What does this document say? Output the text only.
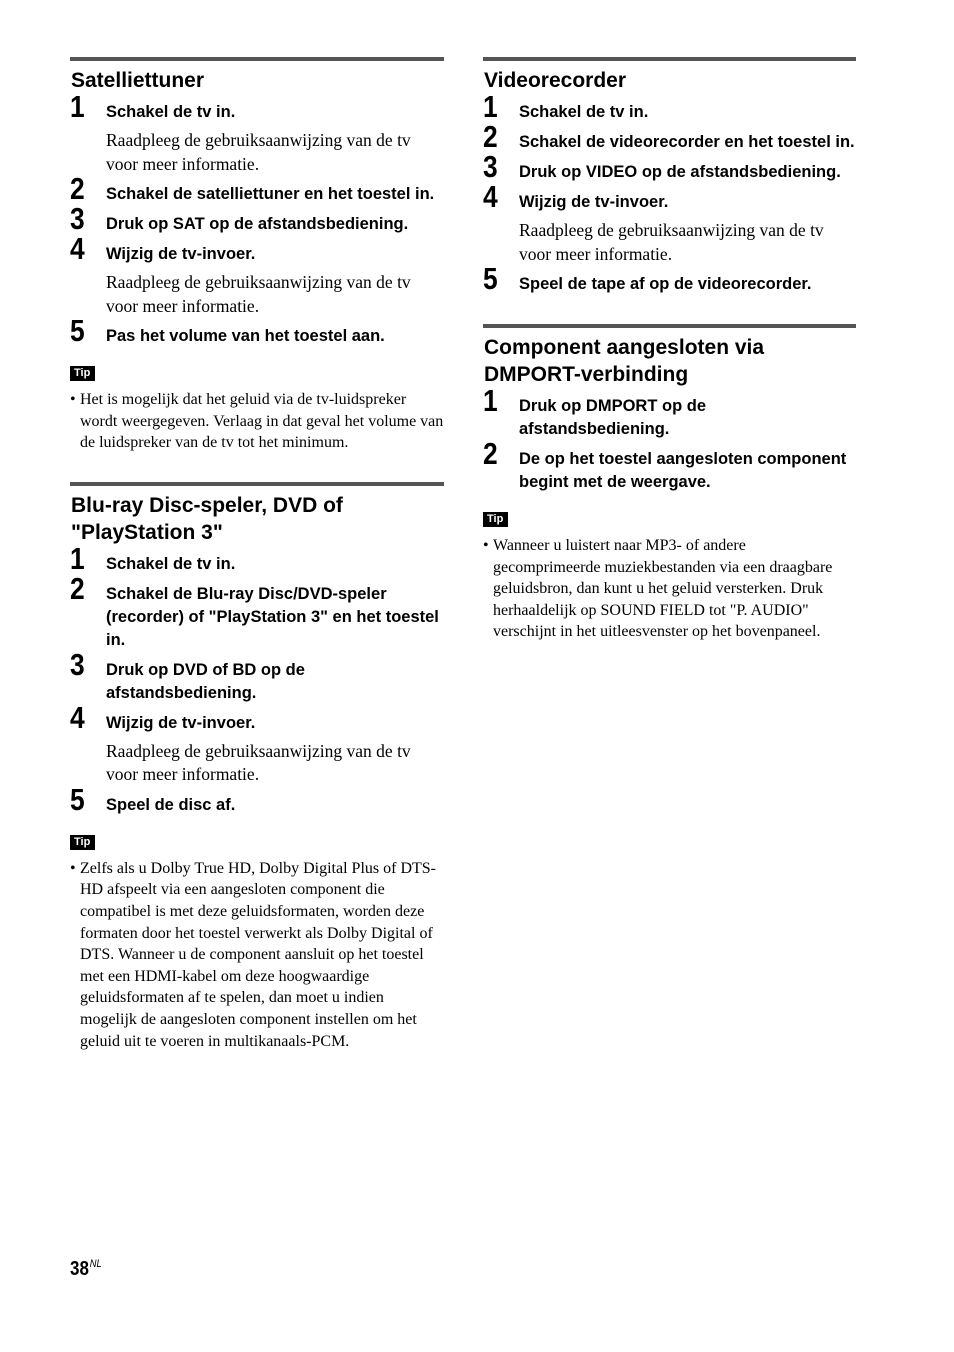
Satelliettuner
1 Schakel de tv in.
Raadpleeg de gebruiksaanwijzing van de tv voor meer informatie.
2 Schakel de satelliettuner en het toestel in.
3 Druk op SAT op de afstandsbediening.
4 Wijzig de tv-invoer.
Raadpleeg de gebruiksaanwijzing van de tv voor meer informatie.
5 Pas het volume van het toestel aan.
Tip
• Het is mogelijk dat het geluid via de tv-luidspreker wordt weergegeven. Verlaag in dat geval het volume van de luidspreker van de tv tot het minimum.
Blu-ray Disc-speler, DVD of "PlayStation 3"
1 Schakel de tv in.
2 Schakel de Blu-ray Disc/DVD-speler (recorder) of "PlayStation 3" en het toestel in.
3 Druk op DVD of BD op de afstandsbediening.
4 Wijzig de tv-invoer.
Raadpleeg de gebruiksaanwijzing van de tv voor meer informatie.
5 Speel de disc af.
Tip
• Zelfs als u Dolby True HD, Dolby Digital Plus of DTS-HD afspeelt via een aangesloten component die compatibel is met deze geluidsformaten, worden deze formaten door het toestel verwerkt als Dolby Digital of DTS. Wanneer u de component aansluit op het toestel met een HDMI-kabel om deze hoogwaardige geluidsformaten af te spelen, dan moet u indien mogelijk de aangesloten component instellen om het geluid uit te voeren in multikanaals-PCM.
Videorecorder
1 Schakel de tv in.
2 Schakel de videorecorder en het toestel in.
3 Druk op VIDEO op de afstandsbediening.
4 Wijzig de tv-invoer.
Raadpleeg de gebruiksaanwijzing van de tv voor meer informatie.
5 Speel de tape af op de videorecorder.
Component aangesloten via DMPORT-verbinding
1 Druk op DMPORT op de afstandsbediening.
2 De op het toestel aangesloten component begint met de weergave.
Tip
• Wanneer u luistert naar MP3- of andere gecomprimeerde muziekbestanden via een draagbare geluidsbron, dan kunt u het geluid versterken. Druk herhaaldelijk op SOUND FIELD tot "P. AUDIO" verschijnt in het uitleesvenster op het bovenpaneel.
$38^{NL}$
